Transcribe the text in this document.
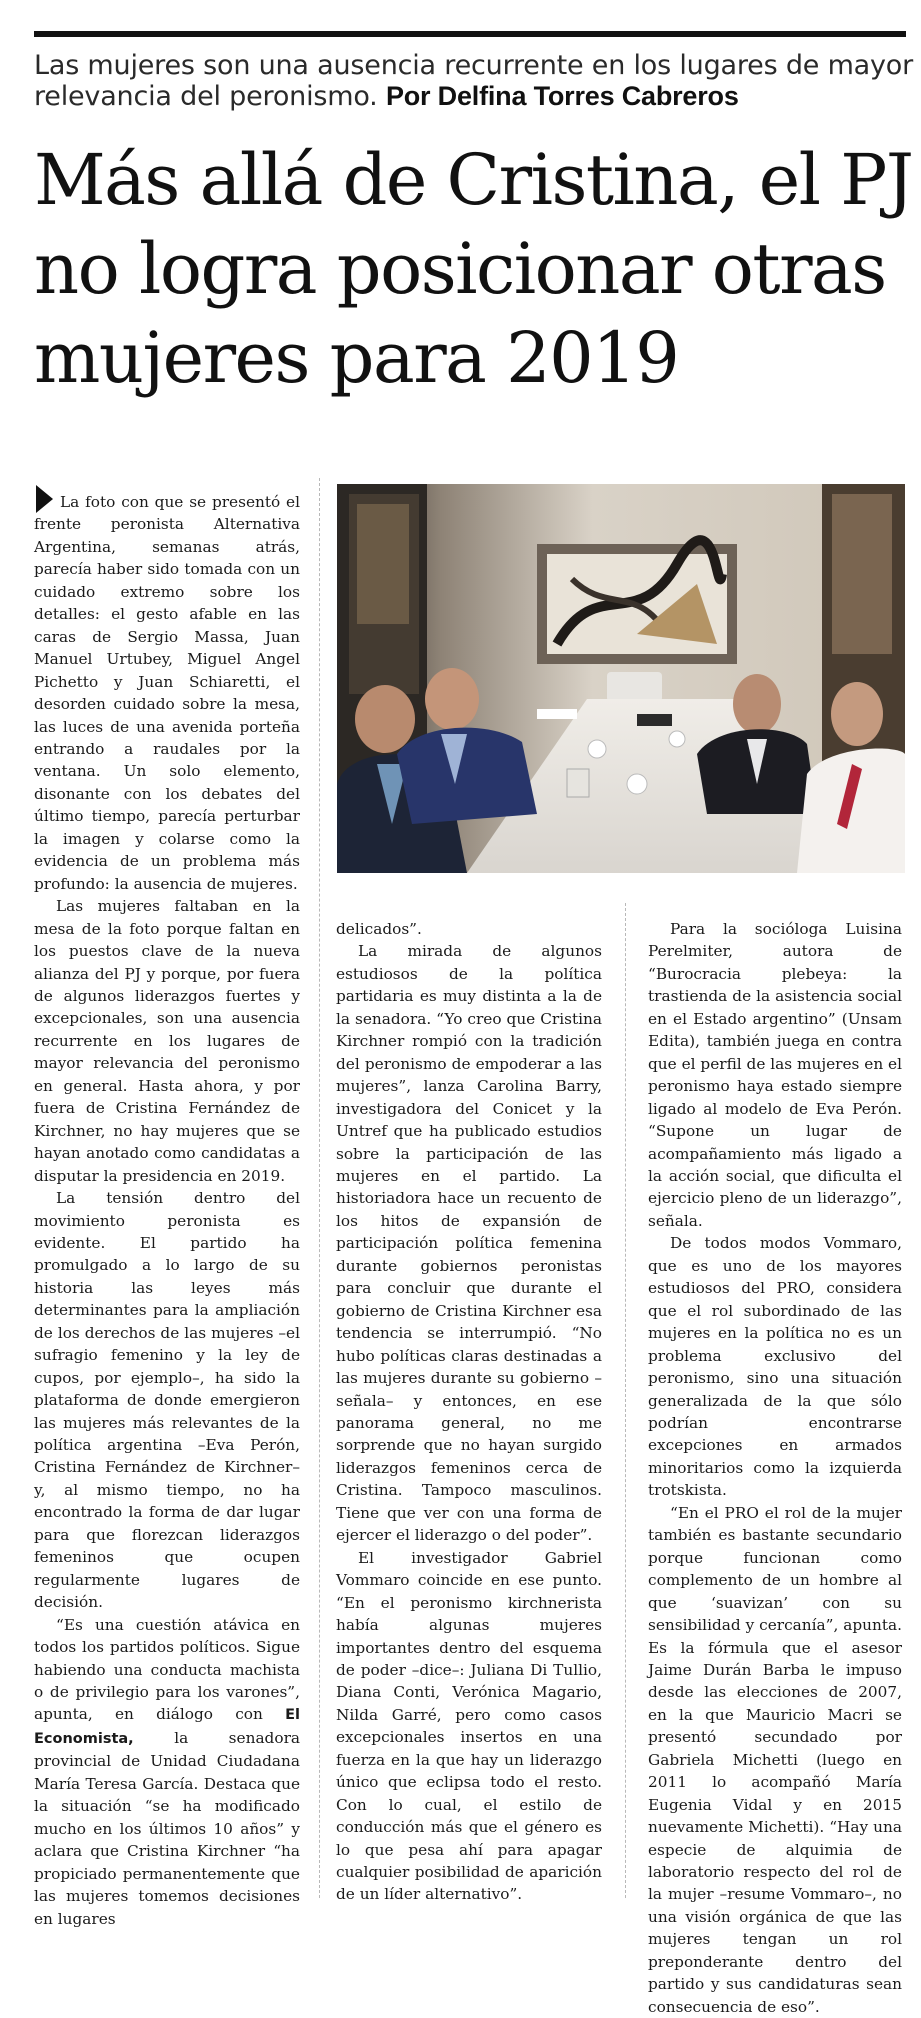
Las mujeres son una ausencia recurrente en los lugares de mayor relevancia del peronismo. Por Delfina Torres Cabreros
Más allá de Cristina, el PJ no logra posicionar otras mujeres para 2019

La foto con que se presentó el frente peronista Alternativa Argentina, semanas atrás, parecía haber sido tomada con un cuidado extremo sobre los detalles: el gesto afable en las caras de Sergio Massa, Juan Manuel Urtubey, Miguel Angel Pichetto y Juan Schiaretti, el desorden cuidado sobre la mesa, las luces de una avenida porteña entrando a raudales por la ventana. Un solo elemento, disonante con los debates del último tiempo, parecía perturbar la imagen y colarse como la evidencia de un problema más profundo: la ausencia de mujeres.

Las mujeres faltaban en la mesa de la foto porque faltan en los puestos clave de la nueva alianza del PJ y porque, por fuera de algunos liderazgos fuertes y excepcionales, son una ausencia recurrente en los lugares de mayor relevancia del peronismo en general. Hasta ahora, y por fuera de Cristina Fernández de Kirchner, no hay mujeres que se hayan anotado como candidatas a disputar la presidencia en 2019.

La tensión dentro del movimiento peronista es evidente. El partido ha promulgado a lo largo de su historia las leyes más determinantes para la ampliación de los derechos de las mujeres –el sufragio femenino y la ley de cupos, por ejemplo–, ha sido la plataforma de donde emergieron las mujeres más relevantes de la política argentina –Eva Perón, Cristina Fernández de Kirchner– y, al mismo tiempo, no ha encontrado la forma de dar lugar para que florezcan liderazgos femeninos que ocupen regularmente lugares de decisión.

“Es una cuestión atávica en todos los partidos políticos. Sigue habiendo una conducta machista o de privilegio para los varones”, apunta, en diálogo con El Economista,	la senadora provincial de Unidad Ciudadana María Teresa García. Destaca que la situación “se ha modificado mucho en los últimos 10 años” y aclara que Cristina Kirchner “ha propiciado permanentemente que las mujeres tomemos decisiones en lugares

delicados”.

La mirada de algunos estudiosos de la política partidaria es muy distinta a la de la senadora. “Yo creo que Cristina Kirchner rompió con la tradición del peronismo de empoderar a las mujeres”, lanza Carolina Barry, investigadora del Conicet y la Untref que ha publicado estudios sobre la participación de las mujeres en el partido. La historiadora hace un recuento de los hitos de expansión de participación política femenina durante gobiernos peronistas para concluir que durante el gobierno de Cristina Kirchner esa tendencia se interrumpió. “No hubo políticas claras destinadas a las mujeres durante su gobierno –señala– y entonces, en ese panorama general, no me sorprende que no hayan surgido liderazgos femeninos cerca de Cristina. Tampoco masculinos. Tiene que ver con una forma de ejercer el liderazgo o del poder”.

El investigador Gabriel Vommaro coincide en ese punto. “En el peronismo kirchnerista había algunas mujeres importantes dentro del esquema de poder –dice–: Juliana Di Tullio, Diana Conti, Verónica Magario, Nilda Garré, pero como casos excepcionales insertos en una fuerza en la que hay un liderazgo único que eclipsa todo el resto. Con lo cual, el estilo de conducción más que el género es lo que pesa ahí para apagar cualquier posibilidad de aparición de un líder alternativo”.

Para la socióloga Luisina Perelmiter, autora de “Burocracia plebeya: la trastienda de la asistencia social en el Estado argentino” (Unsam Edita), también juega en contra que el perfil de las mujeres en el peronismo haya estado siempre ligado al modelo de Eva Perón. “Supone un lugar de acompañamiento más ligado a la acción social, que dificulta el ejercicio pleno de un liderazgo”, señala.

De todos modos Vommaro, que es uno de los mayores estudiosos del PRO, considera que el rol subordinado de las mujeres en la política no es un problema exclusivo del peronismo, sino una situación generalizada de la que sólo podrían encontrarse excepciones en armados minoritarios como la izquierda trotskista.

“En el PRO el rol de la mujer también es bastante secundario porque funcionan como complemento de un hombre al que ‘suavizan’ con su sensibilidad y cercanía”, apunta. Es la fórmula que el asesor Jaime Durán Barba le impuso desde las elecciones de 2007, en la que Mauricio Macri se presentó secundado por Gabriela Michetti (luego en 2011 lo acompañó María Eugenia Vidal y en 2015 nuevamente Michetti). “Hay una especie de alquimia de laboratorio respecto del rol de la mujer –resume Vommaro–, no una visión orgánica de que las mujeres tengan un rol preponderante dentro del partido y sus candidaturas sean consecuencia de eso”.
